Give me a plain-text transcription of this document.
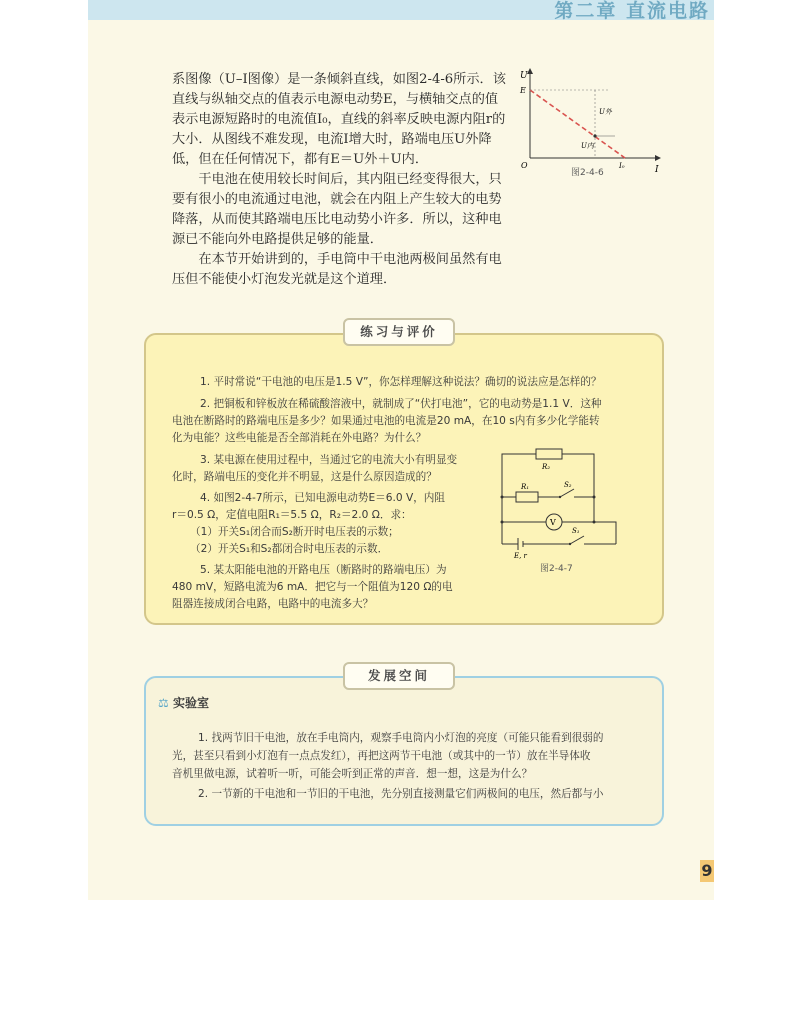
第二章 直流电路
系图像（U–I图像）是一条倾斜直线，如图2-4-6所示．该直线与纵轴交点的值表示电源电动势E，与横轴交点的值表示电源短路时的电流值I₀，直线的斜率反映电源内阻r的大小．从图线不难发现，电流I增大时，路端电压U外降低，但在任何情况下，都有E＝U外＋U内．
干电池在使用较长时间后，其内阻已经变得很大，只要有很小的电流通过电池，就会在内阻上产生较大的电势降落，从而使其路端电压比电动势小许多．所以，这种电源已不能向外电路提供足够的能量．
在本节开始讲到的，手电筒中干电池两极间虽然有电压但不能使小灯泡发光就是这个道理．
U
I
O
E
I₀
U外
U内
图2-4-6
练习与评价
1. 平时常说“干电池的电压是1.5 V”，你怎样理解这种说法？确切的说法应是怎样的？
2. 把铜板和锌板放在稀硫酸溶液中，就制成了“伏打电池”，它的电动势是1.1 V．这种
电池在断路时的路端电压是多少？如果通过电池的电流是20 mA，在10 s内有多少化学能转
化为电能？这些电能是否全部消耗在外电路？为什么？
3. 某电源在使用过程中，当通过它的电流大小有明显变
化时，路端电压的变化并不明显，这是什么原因造成的？
4. 如图2-4-7所示，已知电源电动势E＝6.0 V，内阻
r＝0.5 Ω，定值电阻R₁＝5.5 Ω，R₂＝2.0 Ω．求：
（1）开关S₁闭合而S₂断开时电压表的示数；
（2）开关S₁和S₂都闭合时电压表的示数．
5. 某太阳能电池的开路电压（断路时的路端电压）为
480 mV，短路电流为6 mA．把它与一个阻值为120 Ω的电
阻器连接成闭合电路，电路中的电流多大？
R₂
R₁	S₂
V
E, r
S₁
图2-4-7
发展空间
⚖ 实验室
1. 找两节旧干电池，放在手电筒内，观察手电筒内小灯泡的亮度（可能只能看到很弱的
光，甚至只看到小灯泡有一点点发红），再把这两节干电池（或其中的一节）放在半导体收
音机里做电源，试着听一听，可能会听到正常的声音．想一想，这是为什么？
2. 一节新的干电池和一节旧的干电池，先分别直接测量它们两极间的电压，然后都与小
9
